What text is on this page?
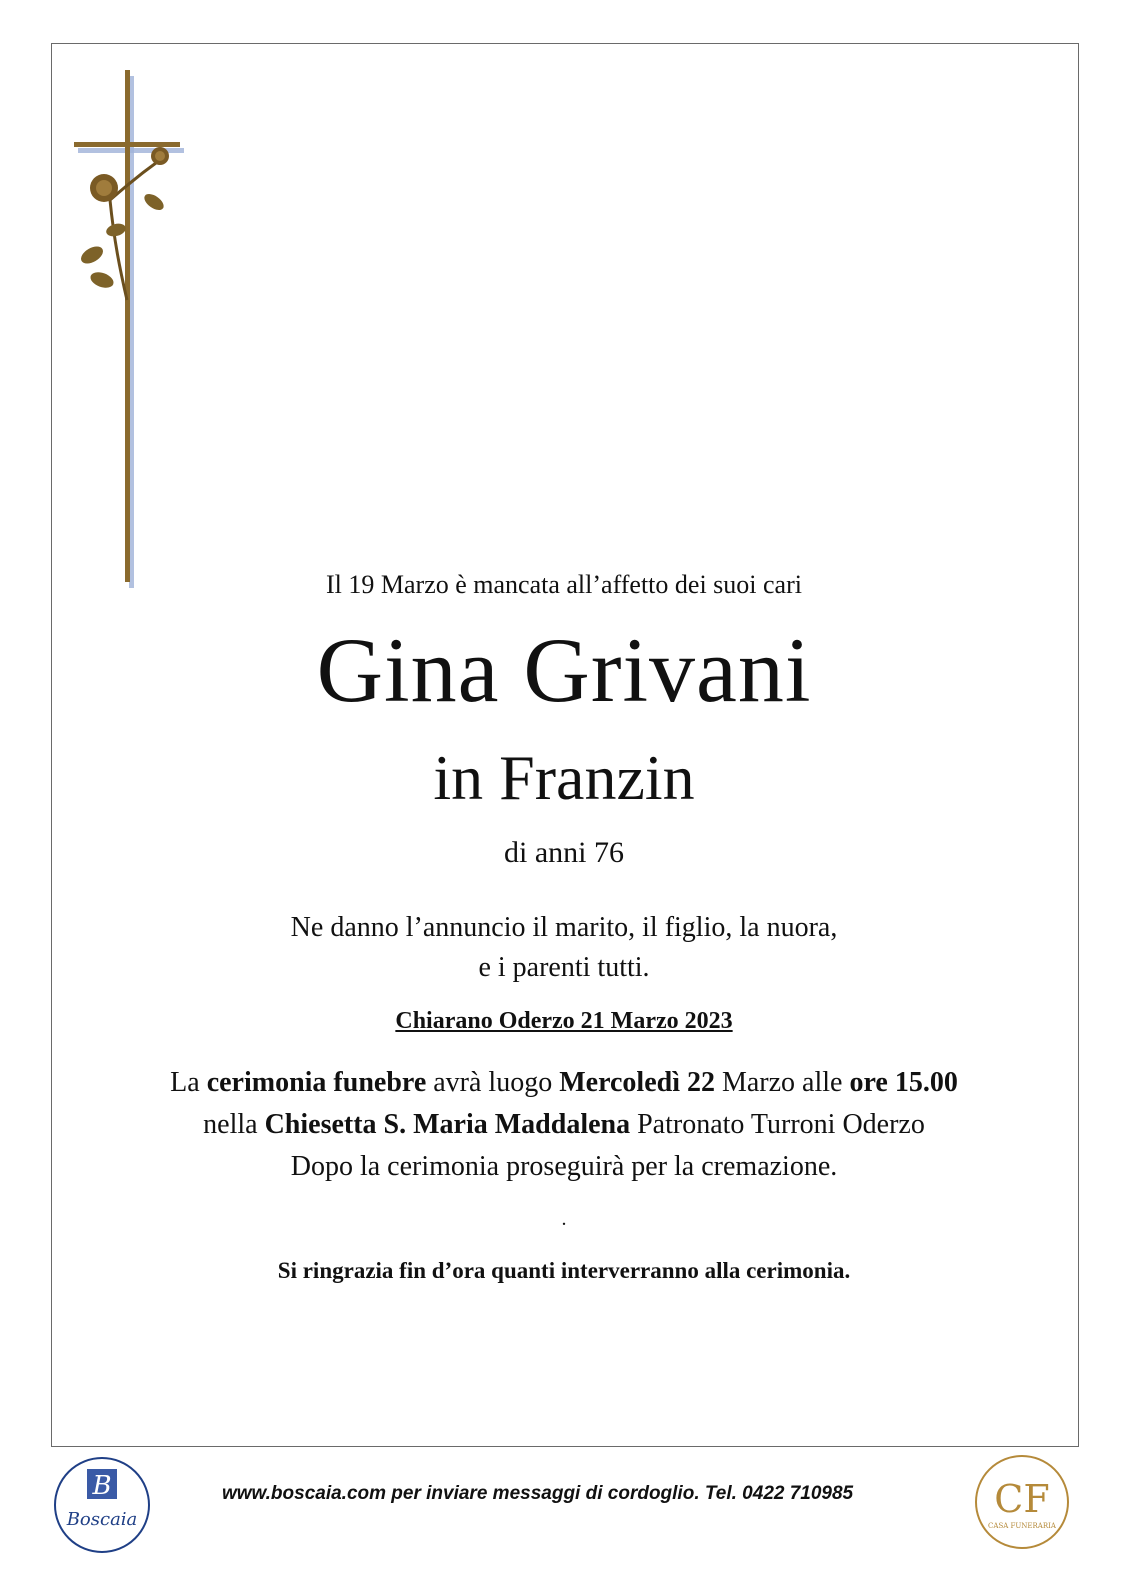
Il 19 Marzo è mancata all’affetto dei suoi cari
Gina Grivani
in Franzin
di anni 76
Ne danno l’annuncio il marito, il figlio, la nuora,
e i parenti tutti.
Chiarano Oderzo 21 Marzo 2023
La cerimonia funebre avrà luogo Mercoledì 22 Marzo alle ore 15.00
nella Chiesetta S. Maria Maddalena Patronato Turroni Oderzo
Dopo la cerimonia proseguirà per la cremazione.
.
Si ringrazia fin d’ora quanti interverranno alla cerimonia.
B
Boscaia
www.boscaia.com per inviare messaggi di cordoglio. Tel. 0422 710985	CF
CASA FUNERARIA
